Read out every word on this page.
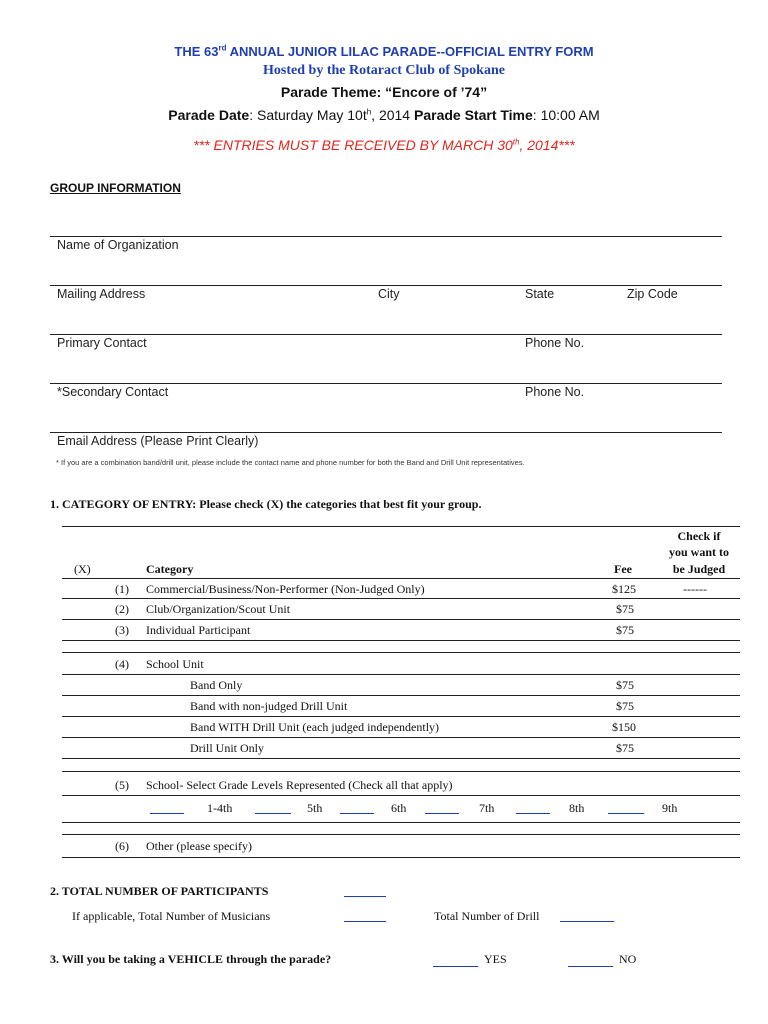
THE 63rd ANNUAL JUNIOR LILAC PARADE--OFFICIAL ENTRY FORM
Hosted by the Rotaract Club of Spokane
Parade Theme: “Encore of ’74”
Parade Date: Saturday May $10t^h$, 2014 Parade Start Time: 10:00 AM
*** ENTRIES MUST BE RECEIVED BY MARCH 30th, 2014***
GROUP INFORMATION
Name of Organization
Mailing Address	City	State	Zip Code
Primary Contact	Phone No.
*Secondary Contact	Phone No.
Email Address (Please Print Clearly)
* If you are a combination band/drill unit, please include the contact name and phone number for both the Band and Drill Unit representatives.
1. CATEGORY OF ENTRY: Please check (X) the categories that best fit your group.
Check if
you want to
be Judged
(X)	Category	Fee
(1) Commercial/Business/Non-Performer (Non-Judged Only)	$125	------
(2) Club/Organization/Scout Unit	$75
(3) Individual Participant	$75
(4) School Unit
Band Only	$75
Band with non-judged Drill Unit	$75
Band WITH Drill Unit (each judged independently)	$150
Drill Unit Only	$75
(5) School- Select Grade Levels Represented (Check all that apply)
1-4th	5th	6th	7th	8th	9th
(6) Other (please specify)
2. TOTAL NUMBER OF PARTICIPANTS
If applicable, Total Number of Musicians	Total Number of Drill
3. Will you be taking a VEHICLE through the parade?	YES	NO
